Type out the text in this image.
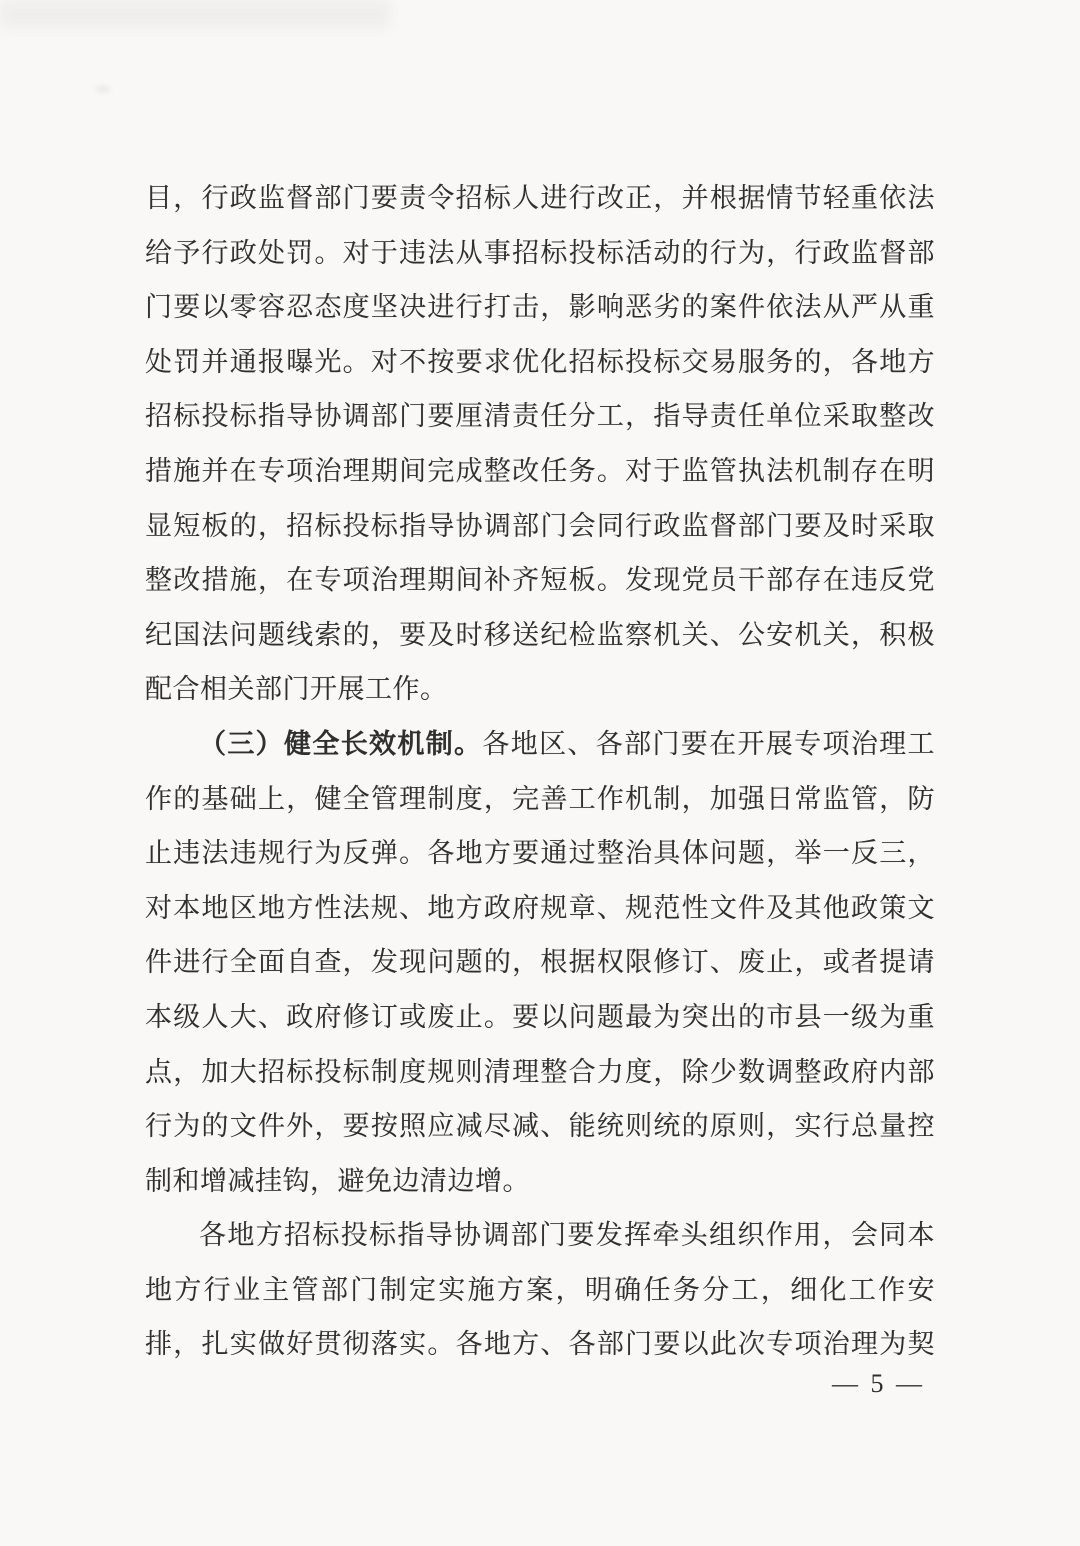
目，行政监督部门要责令招标人进行改正，并根据情节轻重依法
给予行政处罚。对于违法从事招标投标活动的行为，行政监督部
门要以零容忍态度坚决进行打击，影响恶劣的案件依法从严从重
处罚并通报曝光。对不按要求优化招标投标交易服务的，各地方
招标投标指导协调部门要厘清责任分工，指导责任单位采取整改
措施并在专项治理期间完成整改任务。对于监管执法机制存在明
显短板的，招标投标指导协调部门会同行政监督部门要及时采取
整改措施，在专项治理期间补齐短板。发现党员干部存在违反党
纪国法问题线索的，要及时移送纪检监察机关、公安机关，积极
配合相关部门开展工作。
（三）健全长效机制。各地区、各部门要在开展专项治理工
作的基础上，健全管理制度，完善工作机制，加强日常监管，防
止违法违规行为反弹。各地方要通过整治具体问题，举一反三，
对本地区地方性法规、地方政府规章、规范性文件及其他政策文
件进行全面自查，发现问题的，根据权限修订、废止，或者提请
本级人大、政府修订或废止。要以问题最为突出的市县一级为重
点，加大招标投标制度规则清理整合力度，除少数调整政府内部
行为的文件外，要按照应减尽减、能统则统的原则，实行总量控
制和增减挂钩，避免边清边增。
各地方招标投标指导协调部门要发挥牵头组织作用，会同本
地方行业主管部门制定实施方案，明确任务分工，细化工作安
排，扎实做好贯彻落实。各地方、各部门要以此次专项治理为契
— 5 —
